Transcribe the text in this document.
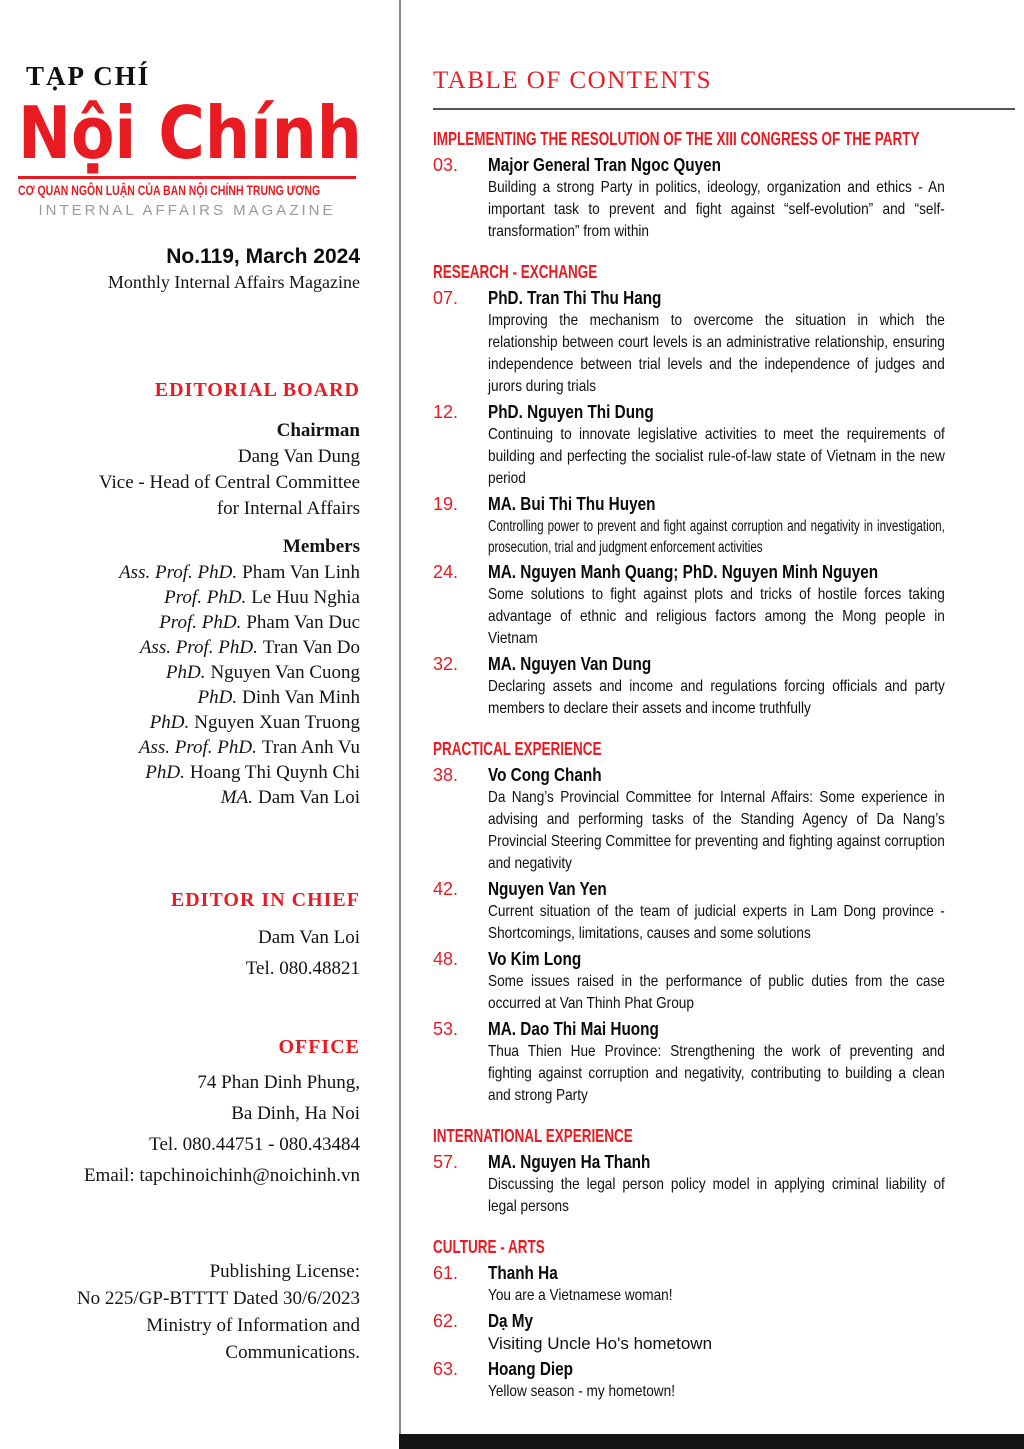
TẠP CHÍ
Nội Chính
CƠ QUAN NGÔN LUẬN CỦA BAN NỘI CHÍNH TRUNG ƯƠNG
INTERNAL AFFAIRS MAGAZINE
No.119, March 2024
Monthly Internal Affairs Magazine
EDITORIAL BOARD
Chairman
Dang Van Dung
Vice - Head of Central Committee
for Internal Affairs
Members
Ass. Prof. PhD. Pham Van Linh
Prof. PhD. Le Huu Nghia
Prof. PhD. Pham Van Duc
Ass. Prof. PhD. Tran Van Do
PhD. Nguyen Van Cuong
PhD. Dinh Van Minh
PhD. Nguyen Xuan Truong
Ass. Prof. PhD. Tran Anh Vu
PhD. Hoang Thi Quynh Chi
MA. Dam Van Loi
EDITOR IN CHIEF
Dam Van Loi
Tel. 080.48821
OFFICE
74 Phan Dinh Phung,
Ba Dinh, Ha Noi
Tel. 080.44751 - 080.43484
Email: tapchinoichinh@noichinh.vn
Publishing License:
No 225/GP-BTTTT Dated 30/6/2023
Ministry of Information and
Communications.
TABLE OF CONTENTS
IMPLEMENTING THE RESOLUTION OF THE XIII CONGRESS OF THE PARTY
03.	Major General Tran Ngoc Quyen
Building a strong Party in politics, ideology, organization and ethics - An important task to prevent and fight against “self-evolution” and “self-transformation” from within
RESEARCH - EXCHANGE
07.	PhD. Tran Thi Thu Hang
Improving the mechanism to overcome the situation in which the relationship between court levels is an administrative relationship, ensuring independence between trial levels and the independence of judges and jurors during trials
12.	PhD. Nguyen Thi Dung
Continuing to innovate legislative activities to meet the requirements of building and perfecting the socialist rule-of-law state of Vietnam in the new period
19.	MA. Bui Thi Thu Huyen
Controlling power to prevent and fight against corruption and negativity in investigation, prosecution, trial and judgment enforcement activities
24.	MA. Nguyen Manh Quang; PhD. Nguyen Minh Nguyen
Some solutions to fight against plots and tricks of hostile forces taking advantage of ethnic and religious factors among the Mong people in Vietnam
32.	MA. Nguyen Van Dung
Declaring assets and income and regulations forcing officials and party members to declare their assets and income truthfully
PRACTICAL EXPERIENCE
38.	Vo Cong Chanh
Da Nang’s Provincial Committee for Internal Affairs: Some experience in advising and performing tasks of the Standing Agency of Da Nang’s Provincial Steering Committee for preventing and fighting against corruption and negativity
42.	Nguyen Van Yen
Current situation of the team of judicial experts in Lam Dong province - Shortcomings, limitations, causes and some solutions
48.	Vo Kim Long
Some issues raised in the performance of public duties from the case occurred at Van Thinh Phat Group
53.	MA. Dao Thi Mai Huong
Thua Thien Hue Province: Strengthening the work of preventing and fighting against corruption and negativity, contributing to building a clean and strong Party
INTERNATIONAL EXPERIENCE
57.	MA. Nguyen Ha Thanh
Discussing the legal person policy model in applying criminal liability of legal persons
CULTURE - ARTS
61.	Thanh Ha
You are a Vietnamese woman!
62.	Dạ My
Visiting Uncle Ho's hometown
63.	Hoang Diep
Yellow season - my hometown!
